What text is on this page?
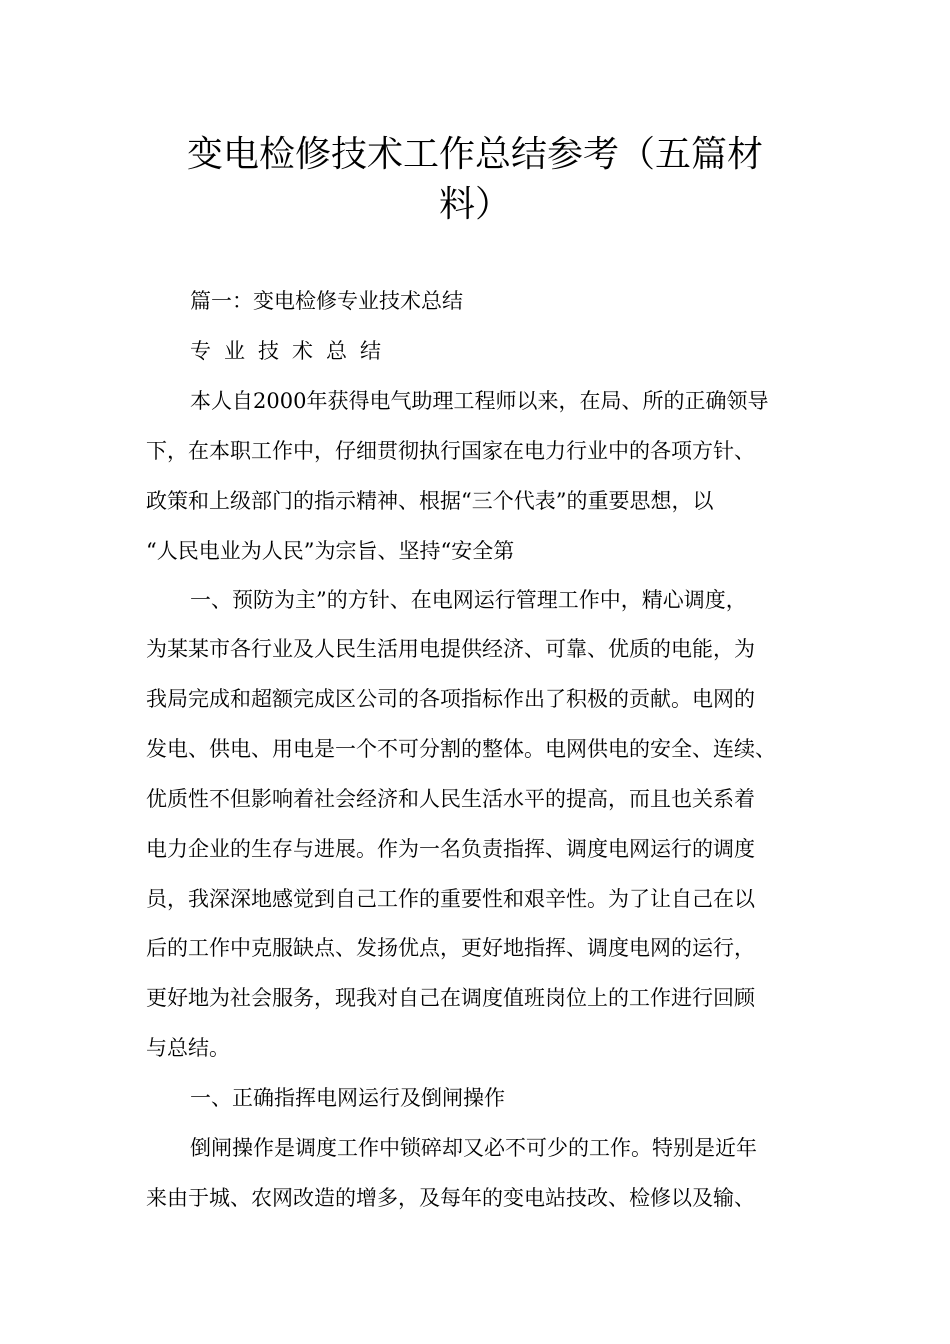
变电检修技术工作总结参考（五篇材
料）
篇一：变电检修专业技术总结
专业技术总结
本人自2000年获得电气助理工程师以来，在局、所的正确领导
下，在本职工作中，仔细贯彻执行国家在电力行业中的各项方针、
政策和上级部门的指示精神、根据“三个代表”的重要思想，以
“人民电业为人民”为宗旨、坚持“安全第
一、预防为主”的方针、在电网运行管理工作中，精心调度，
为某某市各行业及人民生活用电提供经济、可靠、优质的电能，为
我局完成和超额完成区公司的各项指标作出了积极的贡献。电网的
发电、供电、用电是一个不可分割的整体。电网供电的安全、连续、
优质性不但影响着社会经济和人民生活水平的提高，而且也关系着
电力企业的生存与进展。作为一名负责指挥、调度电网运行的调度
员，我深深地感觉到自己工作的重要性和艰辛性。为了让自己在以
后的工作中克服缺点、发扬优点，更好地指挥、调度电网的运行，
更好地为社会服务，现我对自己在调度值班岗位上的工作进行回顾
与总结。
一、正确指挥电网运行及倒闸操作
倒闸操作是调度工作中锁碎却又必不可少的工作。特别是近年
来由于城、农网改造的增多，及每年的变电站技改、检修以及输、
